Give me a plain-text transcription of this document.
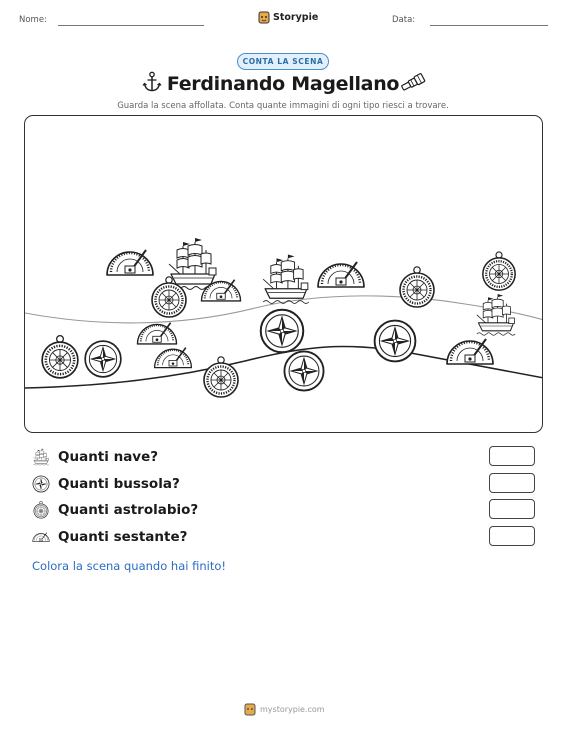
Nome:	Storypie	Data:
CONTA LA SCENA
Ferdinando Magellano
Guarda la scena affollata. Conta quante immagini di ogni tipo riesci a trovare.
Quanti nave?
Quanti bussola?
Quanti astrolabio?
Quanti sestante?
Colora la scena quando hai finito!
mystorypie.com
